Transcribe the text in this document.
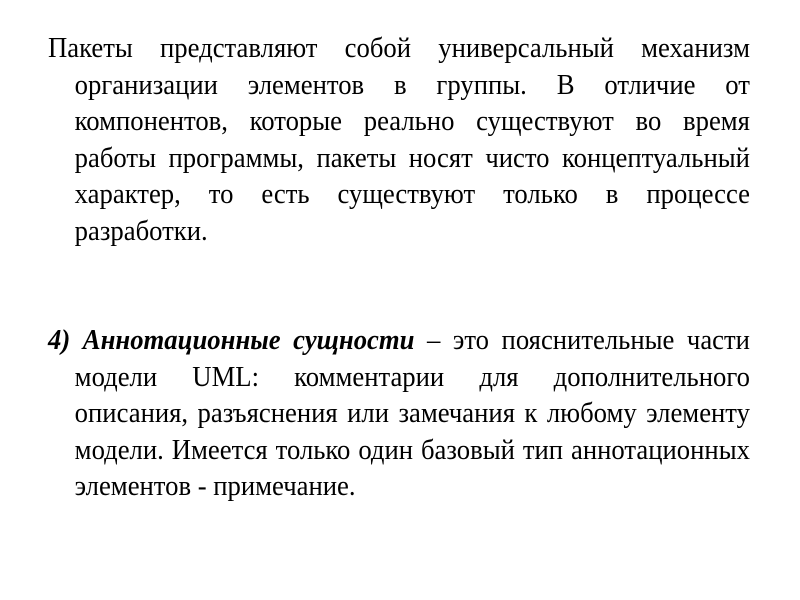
Пакеты представляют собой универсальный механизм организации элементов в группы. В отличие от компонентов, которые реально существуют во время работы программы, пакеты носят чисто концептуальный характер, то есть существуют только в процессе разработки.

4) Аннотационные сущности – это пояснительные части модели UML: комментарии для дополнительного описания, разъяснения или замечания к любому элементу модели. Имеется только один базовый тип аннотационных элементов - примечание.
